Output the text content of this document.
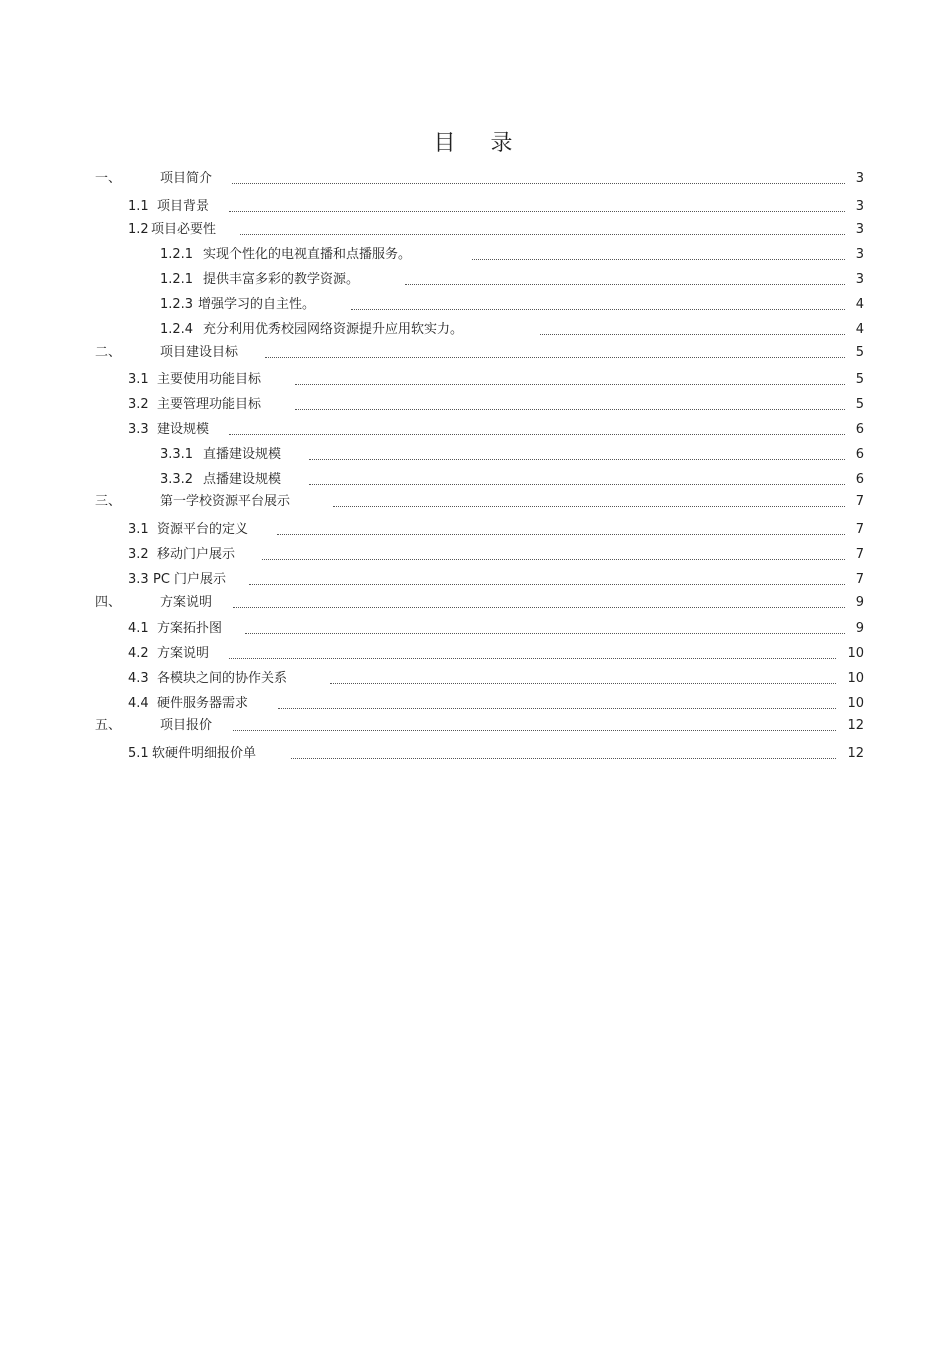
目 录
一、	项目简介	3
1.1 项目背景	3
1.2 项目必要性	3
1.2.1 实现个性化的电视直播和点播服务。	3
1.2.1 提供丰富多彩的教学资源。	3
1.2.3 增强学习的自主性。	4
1.2.4 充分利用优秀校园网络资源提升应用软实力。	4
二、	项目建设目标	5
3.1 主要使用功能目标	5
3.2 主要管理功能目标	5
3.3 建设规模	6
3.3.1 直播建设规模	6
3.3.2 点播建设规模	6
三、	第一学校资源平台展示	7
3.1 资源平台的定义	7
3.2 移动门户展示	7
3.3 PC 门户展示	7
四、	方案说明	9
4.1 方案拓扑图	9
4.2 方案说明	10
4.3 各模块之间的协作关系	10
4.4 硬件服务器需求	10
五、	项目报价	12
5.1 软硬件明细报价单	12
